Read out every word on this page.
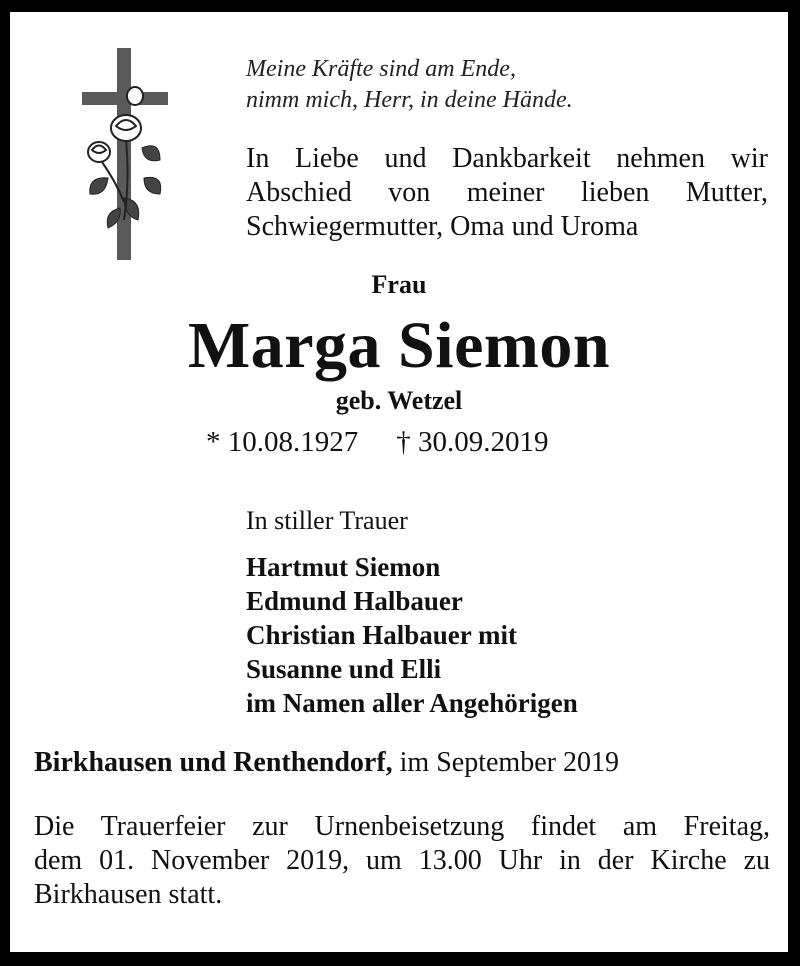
Meine Kräfte sind am Ende,
nimm mich, Herr, in deine Hände.
In Liebe und Dankbarkeit nehmen wir
Abschied von meiner lieben Mutter,
Schwiegermutter, Oma und Uroma
Frau
Marga Siemon
geb. Wetzel
* 10.08.1927 † 30.09.2019
In stiller Trauer
Hartmut Siemon
Edmund Halbauer
Christian Halbauer mit
Susanne und Elli
im Namen aller Angehörigen
Birkhausen und Renthendorf, im September 2019
Die Trauerfeier zur Urnenbeisetzung findet am Freitag,
dem 01. November 2019, um 13.00 Uhr in der Kirche zu
Birkhausen statt.
